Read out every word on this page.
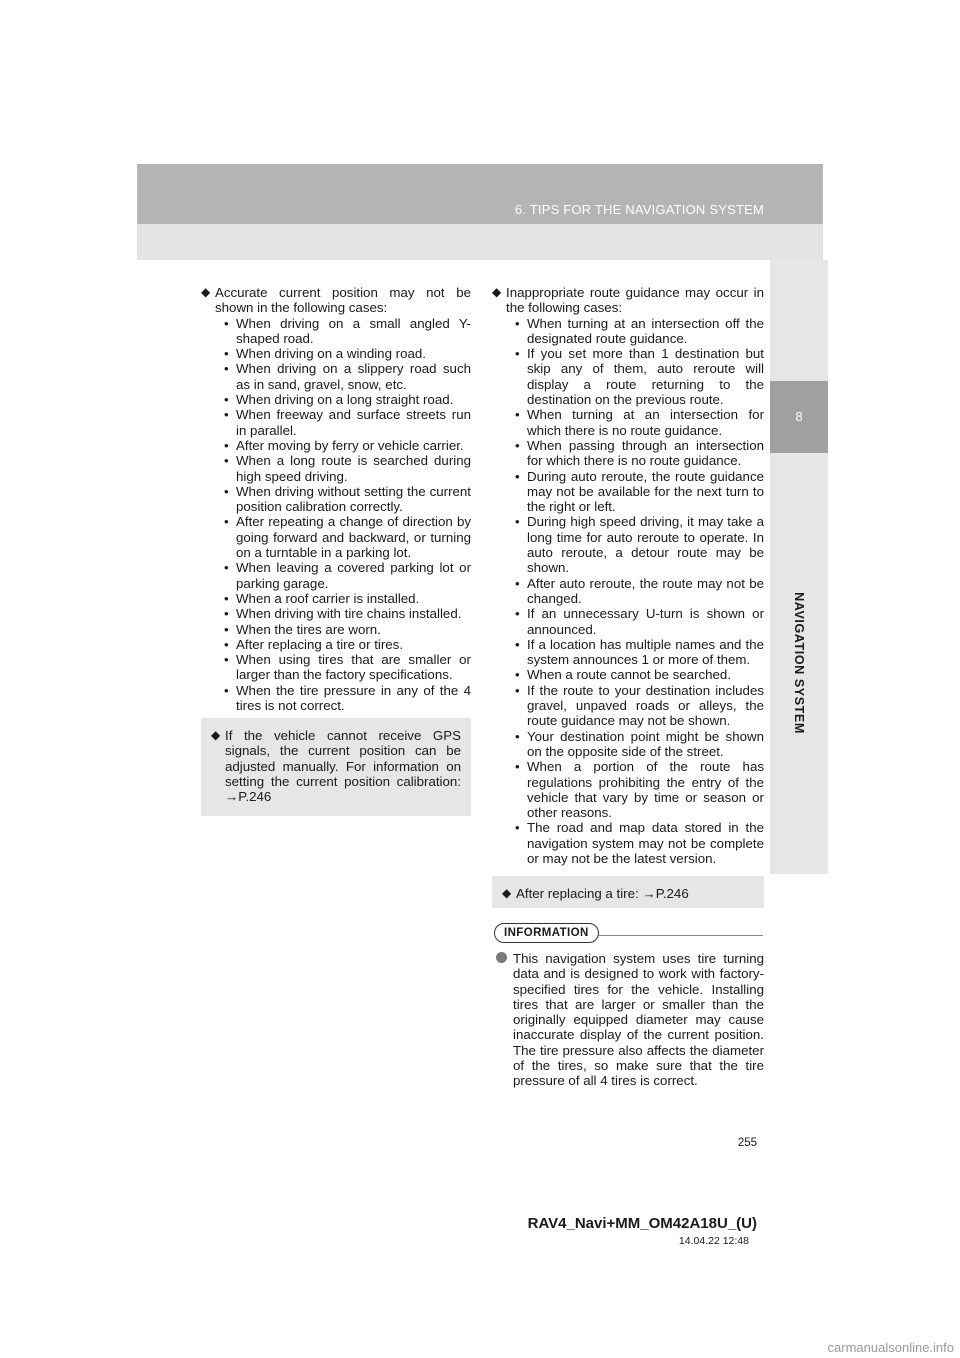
6. TIPS FOR THE NAVIGATION SYSTEM
8
NAVIGATION SYSTEM
◆ Accurate current position may not be shown in the following cases:
• When driving on a small angled Y-shaped road.
• When driving on a winding road.
• When driving on a slippery road such as in sand, gravel, snow, etc.
• When driving on a long straight road.
• When freeway and surface streets run in parallel.
• After moving by ferry or vehicle carrier.
• When a long route is searched during high speed driving.
• When driving without setting the current position calibration correctly.
• After repeating a change of direction by going forward and backward, or turning on a turntable in a parking lot.
• When leaving a covered parking lot or parking garage.
• When a roof carrier is installed.
• When driving with tire chains installed.
• When the tires are worn.
• After replacing a tire or tires.
• When using tires that are smaller or larger than the factory specifications.
• When the tire pressure in any of the 4 tires is not correct.
◆ If the vehicle cannot receive GPS signals, the current position can be adjusted manually. For information on setting the current position calibration: →P.246
◆ Inappropriate route guidance may occur in the following cases:
• When turning at an intersection off the designated route guidance.
• If you set more than 1 destination but skip any of them, auto reroute will display a route returning to the destination on the previous route.
• When turning at an intersection for which there is no route guidance.
• When passing through an intersection for which there is no route guidance.
• During auto reroute, the route guidance may not be available for the next turn to the right or left.
• During high speed driving, it may take a long time for auto reroute to operate. In auto reroute, a detour route may be shown.
• After auto reroute, the route may not be changed.
• If an unnecessary U-turn is shown or announced.
• If a location has multiple names and the system announces 1 or more of them.
• When a route cannot be searched.
• If the route to your destination includes gravel, unpaved roads or alleys, the route guidance may not be shown.
• Your destination point might be shown on the opposite side of the street.
• When a portion of the route has regulations prohibiting the entry of the vehicle that vary by time or season or other reasons.
• The road and map data stored in the navigation system may not be complete or may not be the latest version.
◆ After replacing a tire: →P.246
INFORMATION
This navigation system uses tire turning data and is designed to work with factory-specified tires for the vehicle. Installing tires that are larger or smaller than the originally equipped diameter may cause inaccurate display of the current position. The tire pressure also affects the diameter of the tires, so make sure that the tire pressure of all 4 tires is correct.
255
RAV4_Navi+MM_OM42A18U_(U)
14.04.22 12:48
carmanualsonline.info
